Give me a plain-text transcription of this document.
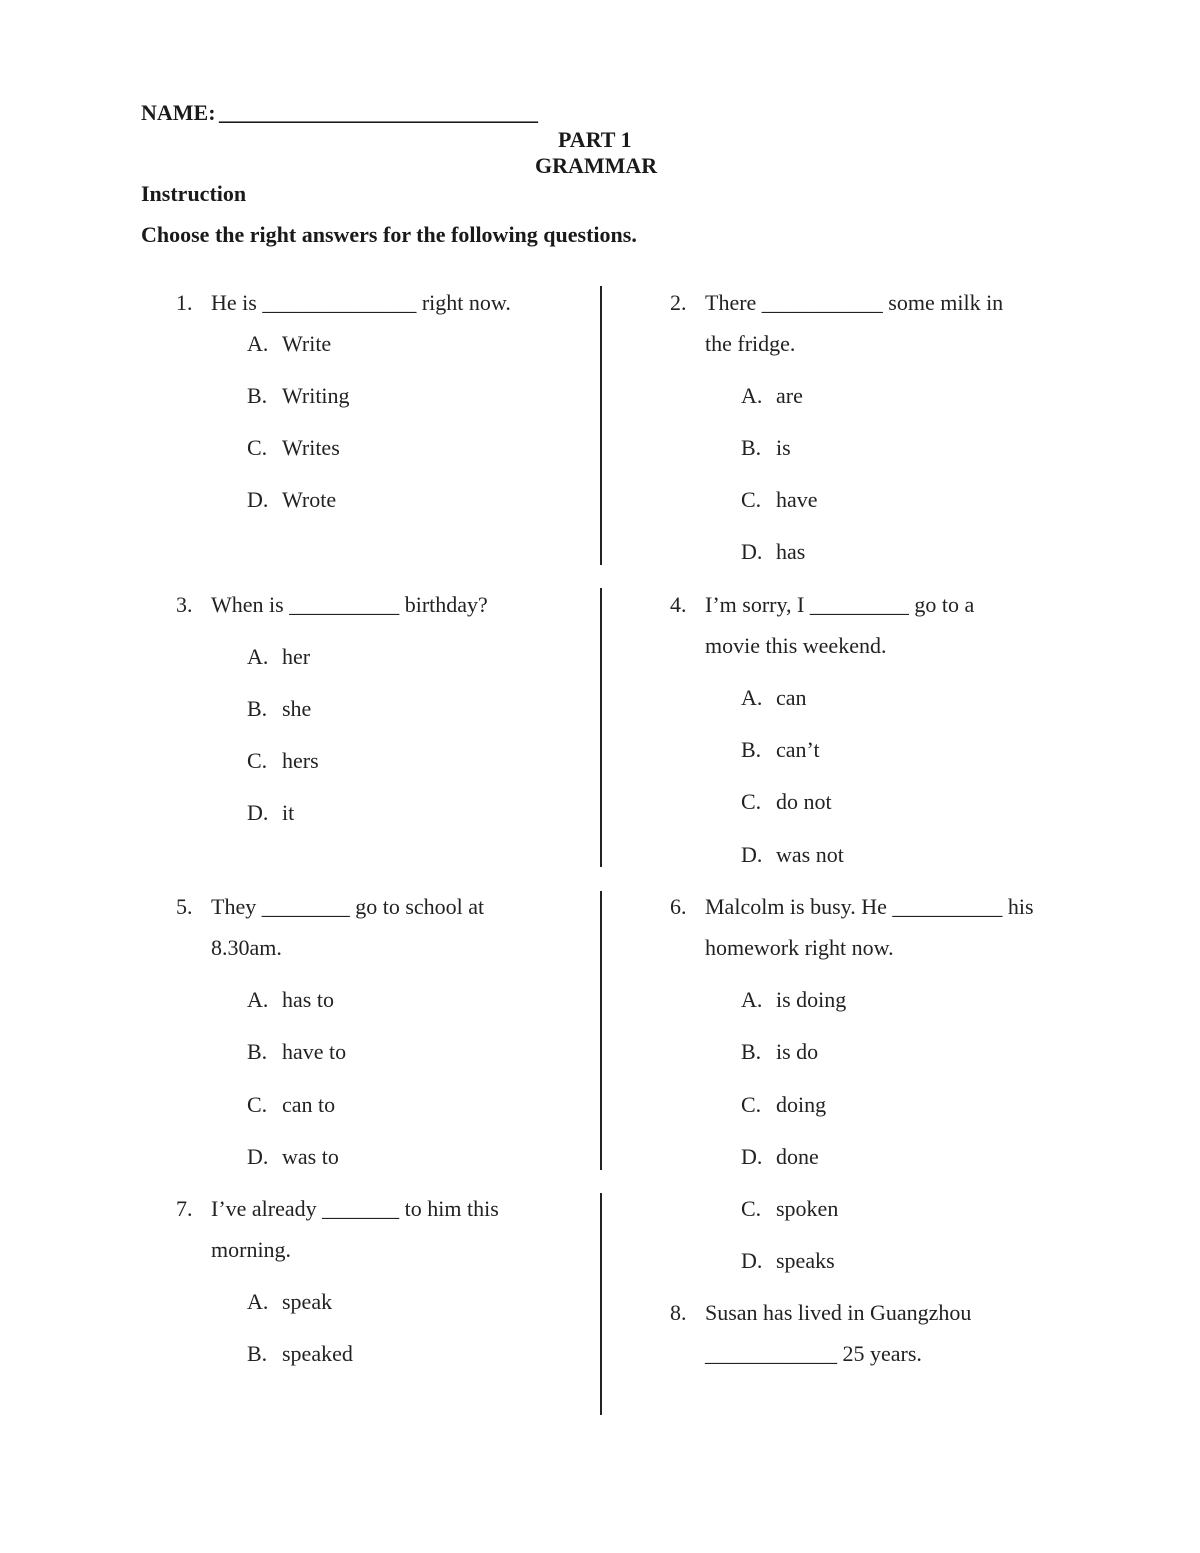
NAME: _____________________________
PART 1
GRAMMAR
Instruction
Choose the right answers for the following questions.
1. He is ______________ right now.
A. Write
B. Writing
C. Writes
D. Wrote
2. There ___________ some milk in
the fridge.
A. are
B. is
C. have
D. has
3. When is __________ birthday?
A. her
B. she
C. hers
D. it
4. I’m sorry, I _________ go to a
movie this weekend.
A. can
B. can’t
C. do not
D. was not
5. They ________ go to school at
8.30am.
A. has to
B. have to
C. can to
D. was to
6. Malcolm is busy. He __________ his
homework right now.
A. is doing
B. is do
C. doing
D. done
7. I’ve already _______ to him this
morning.
A. speak
B. speaked
C. spoken
D. speaks
8. Susan has lived in Guangzhou
____________ 25 years.
